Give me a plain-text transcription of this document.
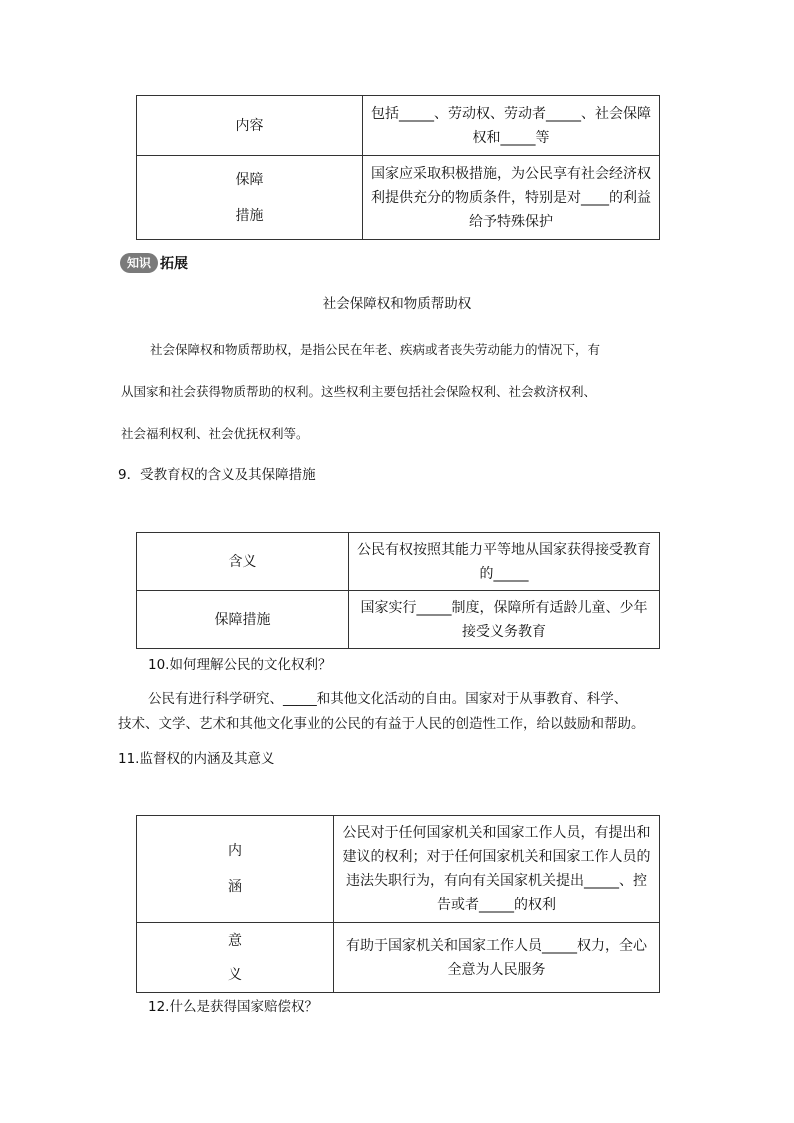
内容	包括_____、劳动权、劳动者_____、社会保障权和_____等

保障
措施	国家应采取积极措施，为公民享有社会经济权利提供充分的物质条件，特别是对____的利益给予特殊保护
知识 拓展
社会保障权和物质帮助权
社会保障权和物质帮助权，是指公民在年老、疾病或者丧失劳动能力的情况下，有
从国家和社会获得物质帮助的权利。这些权利主要包括社会保险权利、社会救济权利、
社会福利权利、社会优抚权利等。
9．受教育权的含义及其保障措施
含义	公民有权按照其能力平等地从国家获得接受教育的_____
保障措施	国家实行_____制度，保障所有适龄儿童、少年接受义务教育
10.如何理解公民的文化权利？
公民有进行科学研究、_____和其他文化活动的自由。国家对于从事教育、科学、
技术、文学、艺术和其他文化事业的公民的有益于人民的创造性工作，给以鼓励和帮助。
11.监督权的内涵及其意义
内
涵	公民对于任何国家机关和国家工作人员，有提出和建议的权利；对于任何国家机关和国家工作人员的违法失职行为，有向有关国家机关提出_____、控告或者_____的权利

意
义	有助于国家机关和国家工作人员_____权力，全心全意为人民服务
12.什么是获得国家赔偿权？
